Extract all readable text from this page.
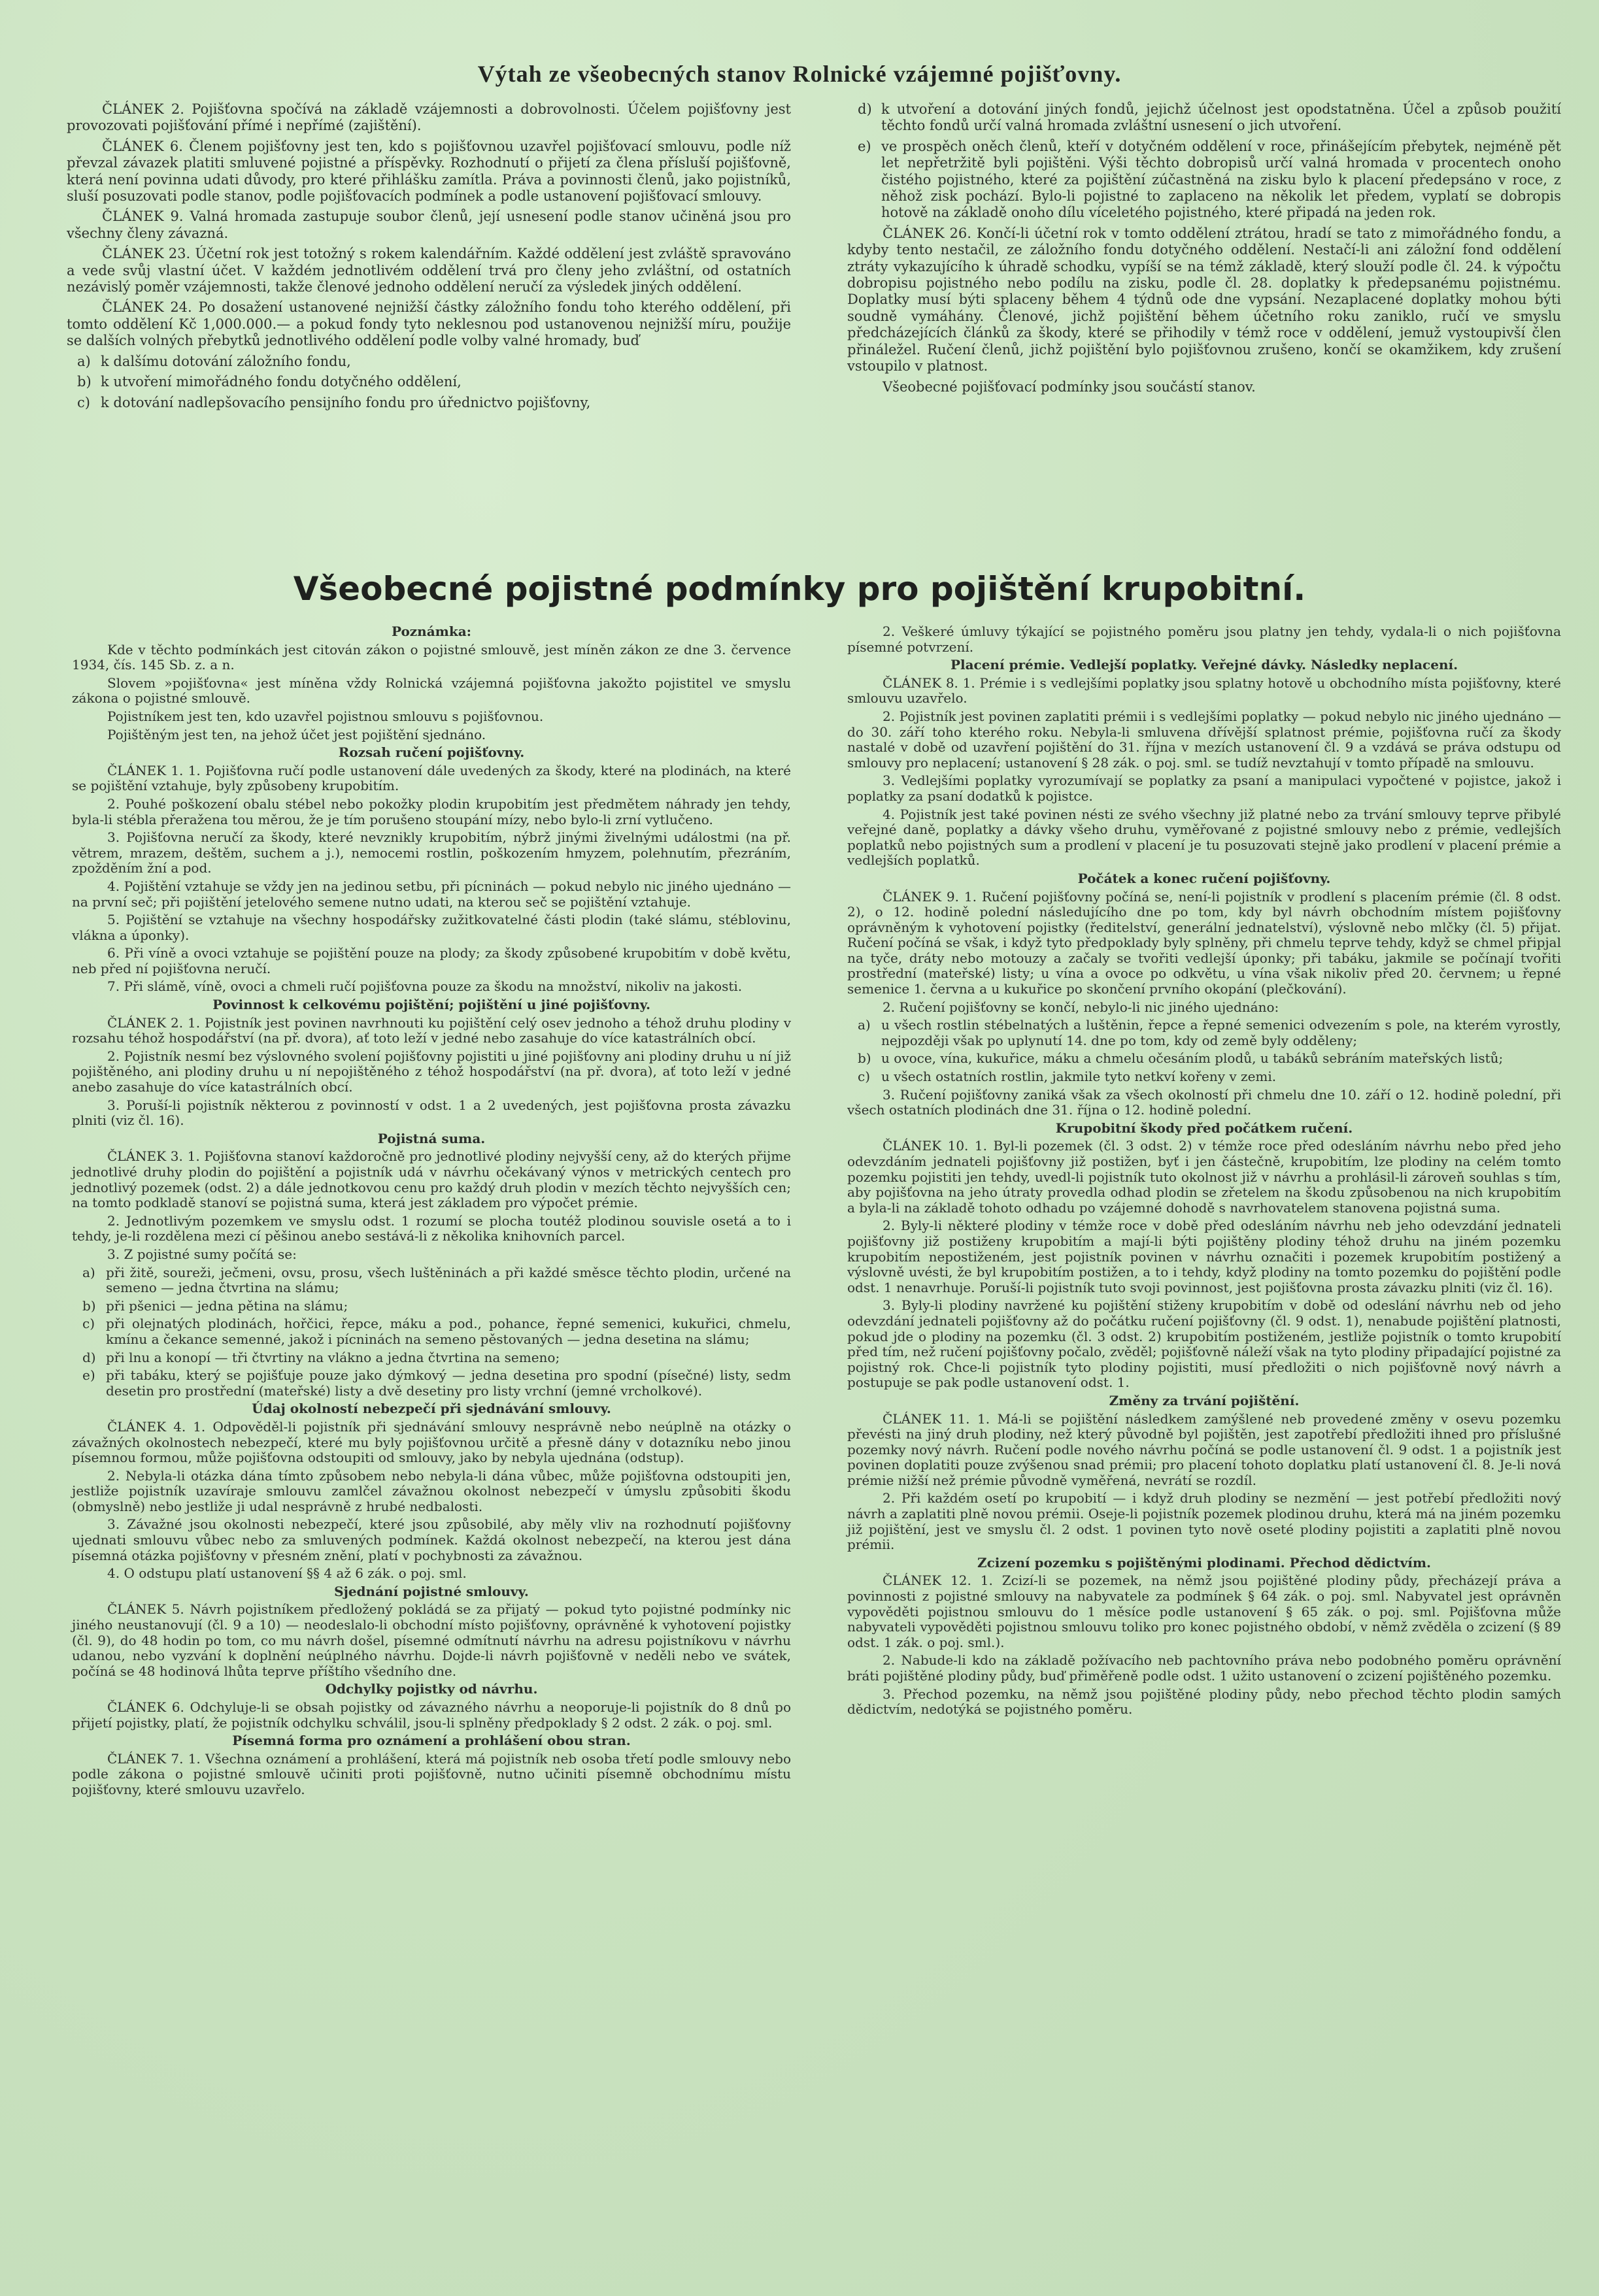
Výtah ze všeobecných stanov Rolnické vzájemné pojišťovny.

ČLÁNEK 2. Pojišťovna spočívá na základě vzájemnosti a dobrovolnosti. Účelem pojišťovny jest provozovati pojišťování přímé i nepřímé (zajištění).

ČLÁNEK 6. Členem pojišťovny jest ten, kdo s pojišťovnou uzavřel pojišťovací smlouvu, podle níž převzal závazek platiti smluvené pojistné a příspěvky. Rozhodnutí o přijetí za člena přísluší pojišťovně, která není povinna udati důvody, pro které přihlášku zamítla. Práva a povinnosti členů, jako pojistníků, sluší posuzovati podle stanov, podle pojišťovacích podmínek a podle ustanovení pojišťovací smlouvy.

ČLÁNEK 9. Valná hromada zastupuje soubor členů, její usnesení podle stanov učiněná jsou pro všechny členy závazná.

ČLÁNEK 23. Účetní rok jest totožný s rokem kalendářním. Každé oddělení jest zvláště spravováno a vede svůj vlastní účet. V každém jednotlivém oddělení trvá pro členy jeho zvláštní, od ostatních nezávislý poměr vzájemnosti, takže členové jednoho oddělení neručí za výsledek jiných oddělení.

ČLÁNEK 24. Po dosažení ustanovené nejnižší částky záložního fondu toho kterého oddělení, při tomto oddělení Kč 1,000.000.— a pokud fondy tyto neklesnou pod ustanovenou nejnižší míru, použije se dalších volných přebytků jednotlivého oddělení podle volby valné hromady, buď

a) k dalšímu dotování záložního fondu,

b) k utvoření mimořádného fondu dotyčného oddělení,

c) k dotování nadlepšovacího pensijního fondu pro úřednictvo pojišťovny,

d) k utvoření a dotování jiných fondů, jejichž účelnost jest opodstatněna. Účel a způsob použití těchto fondů určí valná hromada zvláštní usnesení o jich utvoření.

e) ve prospěch oněch členů, kteří v dotyčném oddělení v roce, přinášejícím přebytek, nejméně pět let nepřetržitě byli pojištěni. Výši těchto dobropisů určí valná hromada v procentech onoho čistého pojistného, které za pojištění zúčastněná na zisku bylo k placení předepsáno v roce, z něhož zisk pochází. Bylo-li pojistné to zaplaceno na několik let předem, vyplatí se dobropis hotově na základě onoho dílu víceletého pojistného, které připadá na jeden rok.

ČLÁNEK 26. Končí-li účetní rok v tomto oddělení ztrátou, hradí se tato z mimořádného fondu, a kdyby tento nestačil, ze záložního fondu dotyčného oddělení. Nestačí-li ani záložní fond oddělení ztráty vykazujícího k úhradě schodku, vypíší se na témž základě, který slouží podle čl. 24. k výpočtu dobropisu pojistného nebo podílu na zisku, podle čl. 28. doplatky k předepsanému pojistnému. Doplatky musí býti splaceny během 4 týdnů ode dne vypsání. Nezaplacené doplatky mohou býti soudně vymáhány. Členové, jichž pojištění během účetního roku zaniklo, ručí ve smyslu předcházejících článků za škody, které se přihodily v témž roce v oddělení, jemuž vystoupivší člen přináležel. Ručení členů, jichž pojištění bylo pojišťovnou zrušeno, končí se okamžikem, kdy zrušení vstoupilo v platnost.

Všeobecné pojišťovací podmínky jsou součástí stanov.

Všeobecné pojistné podmínky pro pojištění krupobitní.

Poznámka:

Kde v těchto podmínkách jest citován zákon o pojistné smlouvě, jest míněn zákon ze dne 3. července 1934, čís. 145 Sb. z. a n.

Slovem »pojišťovna« jest míněna vždy Rolnická vzájemná pojišťovna jakožto pojistitel ve smyslu zákona o pojistné smlouvě.

Pojistníkem jest ten, kdo uzavřel pojistnou smlouvu s pojišťovnou.

Pojištěným jest ten, na jehož účet jest pojištění sjednáno.

Rozsah ručení pojišťovny.

ČLÁNEK 1. 1. Pojišťovna ručí podle ustanovení dále uvedených za škody, které na plodinách, na které se pojištění vztahuje, byly způsobeny krupobitím.

2. Pouhé poškození obalu stébel nebo pokožky plodin krupobitím jest předmětem náhrady jen tehdy, byla-li stéblа přeražena tou měrou, že je tím porušeno stoupání mízy, nebo bylo-li zrní vytlučeno.

3. Pojišťovna neručí za škody, které nevznikly krupobitím, nýbrž jinými živelnými událostmi (na př. větrem, mrazem, deštěm, suchem a j.), nemocemi rostlin, poškozením hmyzem, polehnutím, přezráním, zpožděním žní a pod.

4. Pojištění vztahuje se vždy jen na jedinou setbu, při pícninách — pokud nebylo nic jiného ujednáno — na první seč; při pojištění jetelového semene nutno udati, na kterou seč se pojištění vztahuje.

5. Pojištění se vztahuje na všechny hospodářsky zužitkovatelné části plodin (také slámu, stéblovinu, vlákna a úponky).

6. Při víně a ovoci vztahuje se pojištění pouze na plody; za škody způsobené krupobitím v době květu, neb před ní pojišťovna neručí.

7. Při slámě, víně, ovoci a chmeli ručí pojišťovna pouze za škodu na množství, nikoliv na jakosti.

Povinnost k celkovému pojištění; pojištění u jiné pojišťovny.

ČLÁNEK 2. 1. Pojistník jest povinen navrhnouti ku pojištění celý osev jednoho a téhož druhu plodiny v rozsahu téhož hospodářství (na př. dvora), ať toto leží v jedné nebo zasahuje do více katastrálních obcí.

2. Pojistník nesmí bez výslovného svolení pojišťovny pojistiti u jiné pojišťovny ani plodiny druhu u ní již pojištěného, ani plodiny druhu u ní nepojištěného z téhož hospodářství (na př. dvora), ať toto leží v jedné anebo zasahuje do více katastrálních obcí.

3. Poruší-li pojistník některou z povinností v odst. 1 a 2 uvedených, jest pojišťovna prosta závazku plniti (viz čl. 16).

Pojistná suma.

ČLÁNEK 3. 1. Pojišťovna stanoví každoročně pro jednotlivé plodiny nejvyšší ceny, až do kterých přijme jednotlivé druhy plodin do pojištění a pojistník udá v návrhu očekávaný výnos v metrických centech pro jednotlivý pozemek (odst. 2) a dále jednotkovou cenu pro každý druh plodin v mezích těchto nejvyšších cen; na tomto podkladě stanoví se pojistná suma, která jest základem pro výpočet prémie.

2. Jednotlivým pozemkem ve smyslu odst. 1 rozumí se plocha toutéž plodinou souvisle osetá a to i tehdy, je-li rozdělena mezi cí pěšinou anebo sestává-li z několika knihovních parcel.

3. Z pojistné sumy počítá se:

a) při žitě, soureži, ječmeni, ovsu, prosu, všech luštěninách a při každé směsce těchto plodin, určené na semeno — jedna čtvrtina na slámu;

b) při pšenici — jedna pětina na slámu;

c) při olejnatých plodinách, hořčici, řepce, máku a pod., pohance, řepné semenici, kukuřici, chmelu, kmínu a čekance semenné, jakož i pícninách na semeno pěstovaných — jedna desetina na slámu;

d) při lnu a konopí — tři čtvrtiny na vlákno a jedna čtvrtina na semeno;

e) při tabáku, který se pojišťuje pouze jako dýmkový — jedna desetina pro spodní (písečné) listy, sedm desetin pro prostřední (mateřské) listy a dvě desetiny pro listy vrchní (jemné vrcholkové).

Údaj okolností nebezpečí při sjednávání smlouvy.

ČLÁNEK 4. 1. Odpověděl-li pojistník při sjednávání smlouvy nesprávně nebo neúplně na otázky o závažných okolnostech nebezpečí, které mu byly pojišťovnou určitě a přesně dány v dotazníku nebo jinou písemnou formou, může pojišťovna odstoupiti od smlouvy, jako by nebyla ujednána (odstup).

2. Nebyla-li otázka dána tímto způsobem nebo nebyla-li dána vůbec, může pojišťovna odstoupiti jen, jestliže pojistník uzavíraje smlouvu zamlčel závažnou okolnost nebezpečí v úmyslu způsobiti škodu (obmyslně) nebo jestliže ji udal nesprávně z hrubé nedbalosti.

3. Závažné jsou okolnosti nebezpečí, které jsou způsobilé, aby měly vliv na rozhodnutí pojišťovny ujednati smlouvu vůbec nebo za smluvených podmínek. Každá okolnost nebezpečí, na kterou jest dána písemná otázka pojišťovny v přesném znění, platí v pochybnosti za závažnou.

4. O odstupu platí ustanovení §§ 4 až 6 zák. o poj. sml.

Sjednání pojistné smlouvy.

ČLÁNEK 5. Návrh pojistníkem předložený pokládá se za přijatý — pokud tyto pojistné podmínky nic jiného neustanovují (čl. 9 a 10) — neodeslalo-li obchodní místo pojišťovny, oprávněné k vyhotovení pojistky (čl. 9), do 48 hodin po tom, co mu návrh došel, písemné odmítnutí návrhu na adresu pojistníkovu v návrhu udanou, nebo vyzvání k doplnění neúplného návrhu. Dojde-li návrh pojišťovně v neděli nebo ve svátek, počíná se 48 hodinová lhůta teprve příštího všedního dne.

Odchylky pojistky od návrhu.

ČLÁNEK 6. Odchyluje-li se obsah pojistky od závazného návrhu a neoporuje-li pojistník do 8 dnů po přijetí pojistky, platí, že pojistník odchylku schválil, jsou-li splněny předpoklady § 2 odst. 2 zák. o poj. sml.

Písemná forma pro oznámení a prohlášení obou stran.

ČLÁNEK 7. 1. Všechna oznámení a prohlášení, která má pojistník neb osoba třetí podle smlouvy nebo podle zákona o pojistné smlouvě učiniti proti pojišťovně, nutno učiniti písemně obchodnímu místu pojišťovny, které smlouvu uzavřelo.

2. Veškeré úmluvy týkající se pojistného poměru jsou platny jen tehdy, vydala-li o nich pojišťovna písemné potvrzení.

Placení prémie. Vedlejší poplatky. Veřejné dávky. Následky neplacení.

ČLÁNEK 8. 1. Prémie i s vedlejšími poplatky jsou splatny hotově u obchodního místa pojišťovny, které smlouvu uzavřelo.

2. Pojistník jest povinen zaplatiti prémii i s vedlejšími poplatky — pokud nebylo nic jiného ujednáno — do 30. září toho kterého roku. Nebyla-li smluvena dřívější splatnost prémie, pojišťovna ručí za škody nastalé v době od uzavření pojištění do 31. října v mezích ustanovení čl. 9 a vzdává se práva odstupu od smlouvy pro neplacení; ustanovení § 28 zák. o poj. sml. se tudíž nevztahují v tomto případě na smlouvu.

3. Vedlejšími poplatky vyrozumívají se poplatky za psaní a manipulaci vypočtené v pojistce, jakož i poplatky za psaní dodatků k pojistce.

4. Pojistník jest také povinen nésti ze svého všechny již platné nebo za trvání smlouvy teprve přibylé veřejné daně, poplatky a dávky všeho druhu, vyměřované z pojistné smlouvy nebo z prémie, vedlejších poplatků nebo pojistných sum a prodlení v placení je tu posuzovati stejně jako prodlení v placení prémie a vedlejších poplatků.

Počátek a konec ručení pojišťovny.

ČLÁNEK 9. 1. Ručení pojišťovny počíná se, není-li pojistník v prodlení s placením prémie (čl. 8 odst. 2), o 12. hodině polední následujícího dne po tom, kdy byl návrh obchodním místem pojišťovny oprávněným k vyhotovení pojistky (ředitelství, generální jednatelství), výslovně nebo mlčky (čl. 5) přijat. Ručení počíná se však, i když tyto předpoklady byly splněny, při chmelu teprve tehdy, když se chmel připjal na tyče, dráty nebo motouzy a začaly se tvořiti vedlejší úponky; při tabáku, jakmile se počínají tvořiti prostřední (mateřské) listy; u vína a ovoce po odkvětu, u vína však nikoliv před 20. červnem; u řepné semenice 1. června a u kukuřice po skončení prvního okopání (plečkování).

2. Ručení pojišťovny se končí, nebylo-li nic jiného ujednáno:

a) u všech rostlin stébelnatých a luštěnin, řepce a řepné semenici odvezením s pole, na kterém vyrostly, nejpozději však po uplynutí 14. dne po tom, kdy od země byly odděleny;

b) u ovoce, vína, kukuřice, máku a chmelu očesáním plodů, u tabáků sebráním mateřských listů;

c) u všech ostatních rostlin, jakmile tyto netkví kořeny v zemi.

3. Ručení pojišťovny zaniká však za všech okolností při chmelu dne 10. září o 12. hodině polední, při všech ostatních plodinách dne 31. října o 12. hodině polední.

Krupobitní škody před počátkem ručení.

ČLÁNEK 10. 1. Byl-li pozemek (čl. 3 odst. 2) v témže roce před odesláním návrhu nebo před jeho odevzdáním jednateli pojišťovny již postižen, byť i jen částečně, krupobitím, lze plodiny na celém tomto pozemku pojistiti jen tehdy, uvedl-li pojistník tuto okolnost již v návrhu a prohlásil-li zároveň souhlas s tím, aby pojišťovna na jeho útraty provedla odhad plodin se zřetelem na škodu způsobenou na nich krupobitím a byla-li na základě tohoto odhadu po vzájemné dohodě s navrhovatelem stanovena pojistná suma.

2. Byly-li některé plodiny v témže roce v době před odesláním návrhu neb jeho odevzdání jednateli pojišťovny již postiženy krupobitím a mají-li býti pojištěny plodiny téhož druhu na jiném pozemku krupobitím nepostiženém, jest pojistník povinen v návrhu označiti i pozemek krupobitím postižený a výslovně uvésti, že byl krupobitím postižen, a to i tehdy, když plodiny na tomto pozemku do pojištění podle odst. 1 nenavrhuje. Poruší-li pojistník tuto svoji povinnost, jest pojišťovna prosta závazku plniti (viz čl. 16).

3. Byly-li plodiny navržené ku pojištění stiženy krupobitím v době od odeslání návrhu neb od jeho odevzdání jednateli pojišťovny až do počátku ručení pojišťovny (čl. 9 odst. 1), nenabude pojištění platnosti, pokud jde o plodiny na pozemku (čl. 3 odst. 2) krupobitím postiženém, jestliže pojistník o tomto krupobití před tím, než ručení pojišťovny počalo, zvěděl; pojišťovně náleží však na tyto plodiny připadající pojistné za pojistný rok. Chce-li pojistník tyto plodiny pojistiti, musí předložiti o nich pojišťovně nový návrh a postupuje se pak podle ustanovení odst. 1.

Změny za trvání pojištění.

ČLÁNEK 11. 1. Má-li se pojištění následkem zamýšlené neb provedené změny v osevu pozemku převésti na jiný druh plodiny, než který původně byl pojištěn, jest zapotřebí předložiti ihned pro příslušné pozemky nový návrh. Ručení podle nového návrhu počíná se podle ustanovení čl. 9 odst. 1 a pojistník jest povinen doplatiti pouze zvýšenou snad prémii; pro placení tohoto doplatku platí ustanovení čl. 8. Je-li nová prémie nižší než prémie původně vyměřená, nevrátí se rozdíl.

2. Při každém osetí po krupobití — i když druh plodiny se nezmění — jest potřebí předložiti nový návrh a zaplatiti plně novou prémii. Oseje-li pojistník pozemek plodinou druhu, která má na jiném pozemku již pojištění, jest ve smyslu čl. 2 odst. 1 povinen tyto nově oseté plodiny pojistiti a zaplatiti plně novou prémii.

Zcizení pozemku s pojištěnými plodinami. Přechod dědictvím.

ČLÁNEK 12. 1. Zcizí-li se pozemek, na němž jsou pojištěné plodiny půdy, přecházejí práva a povinnosti z pojistné smlouvy na nabyvatele za podmínek § 64 zák. o poj. sml. Nabyvatel jest oprávněn vypověděti pojistnou smlouvu do 1 měsíce podle ustanovení § 65 zák. o poj. sml. Pojišťovna může nabyvateli vypověděti pojistnou smlouvu toliko pro konec pojistného období, v němž zvěděla o zcizení (§ 89 odst. 1 zák. o poj. sml.).

2. Nabude-li kdo na základě požívacího neb pachtovního práva nebo podobného poměru oprávnění bráti pojištěné plodiny půdy, buď přiměřeně podle odst. 1 užito ustanovení o zcizení pojištěného pozemku.

3. Přechod pozemku, na němž jsou pojištěné plodiny půdy, nebo přechod těchto plodin samých dědictvím, nedotýká se pojistného poměru.
